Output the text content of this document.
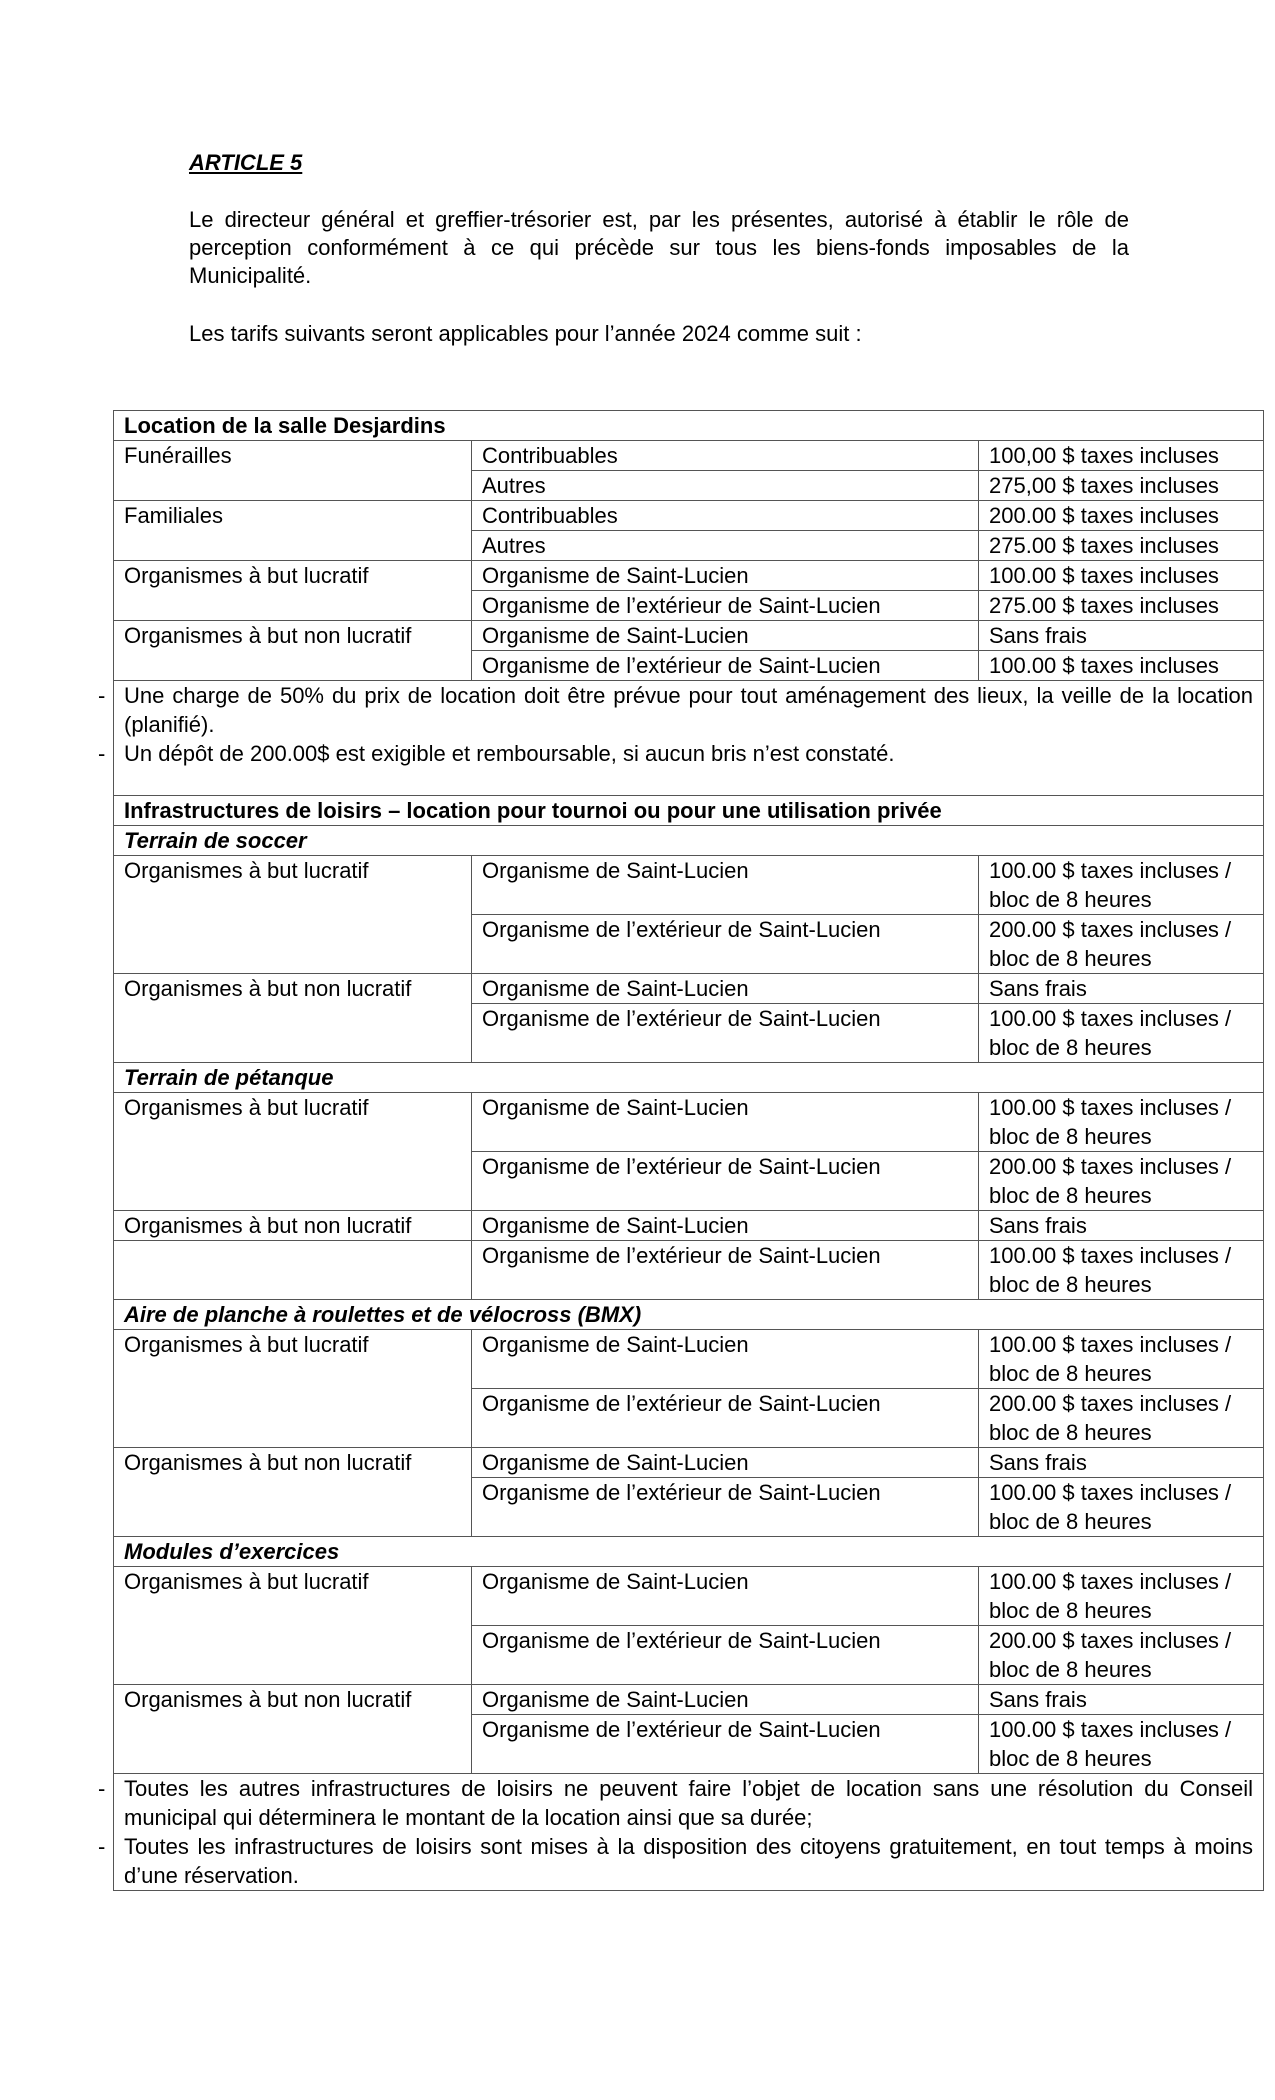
ARTICLE 5
Le directeur général et greffier-trésorier est, par les présentes, autorisé à établir le rôle de perception conformément à ce qui précède sur tous les biens-fonds imposables de la Municipalité.
Les tarifs suivants seront applicables pour l’année 2024 comme suit :
Location de la salle Desjardins		
Funérailles	Contribuables	100,00 $ taxes incluses
	Autres	275,00 $ taxes incluses
Familiales	Contribuables	200.00 $ taxes incluses
	Autres	275.00 $ taxes incluses
Organismes à but lucratif	Organisme de Saint-Lucien	100.00 $ taxes incluses
	Organisme de l’extérieur de Saint-Lucien	275.00 $ taxes incluses
Organismes à but non lucratif	Organisme de Saint-Lucien	Sans frais
	Organisme de l’extérieur de Saint-Lucien	100.00 $ taxes incluses

- Une charge de 50% du prix de location doit être prévue pour tout aménagement des lieux, la veille de la location (planifié).
- Un dépôt de 200.00$ est exigible et remboursable, si aucun bris n’est constaté.

Infrastructures de loisirs – location pour tournoi ou pour une utilisation privée		
Terrain de soccer		
Organismes à but lucratif	Organisme de Saint-Lucien	100.00 $ taxes incluses / bloc de 8 heures
	Organisme de l’extérieur de Saint-Lucien	200.00 $ taxes incluses / bloc de 8 heures
Organismes à but non lucratif	Organisme de Saint-Lucien	Sans frais
	Organisme de l’extérieur de Saint-Lucien	100.00 $ taxes incluses / bloc de 8 heures
Terrain de pétanque		
Organismes à but lucratif	Organisme de Saint-Lucien	100.00 $ taxes incluses / bloc de 8 heures
	Organisme de l’extérieur de Saint-Lucien	200.00 $ taxes incluses / bloc de 8 heures
Organismes à but non lucratif	Organisme de Saint-Lucien	Sans frais
	Organisme de l’extérieur de Saint-Lucien	100.00 $ taxes incluses / bloc de 8 heures
Aire de planche à roulettes et de vélocross (BMX)		
Organismes à but lucratif	Organisme de Saint-Lucien	100.00 $ taxes incluses / bloc de 8 heures
	Organisme de l’extérieur de Saint-Lucien	200.00 $ taxes incluses / bloc de 8 heures
Organismes à but non lucratif	Organisme de Saint-Lucien	Sans frais
	Organisme de l’extérieur de Saint-Lucien	100.00 $ taxes incluses / bloc de 8 heures
Modules d’exercices		
Organismes à but lucratif	Organisme de Saint-Lucien	100.00 $ taxes incluses / bloc de 8 heures
	Organisme de l’extérieur de Saint-Lucien	200.00 $ taxes incluses / bloc de 8 heures
Organismes à but non lucratif	Organisme de Saint-Lucien	Sans frais
	Organisme de l’extérieur de Saint-Lucien	100.00 $ taxes incluses / bloc de 8 heures

- Toutes les autres infrastructures de loisirs ne peuvent faire l’objet de location sans une résolution du Conseil municipal qui déterminera le montant de la location ainsi que sa durée;
- Toutes les infrastructures de loisirs sont mises à la disposition des citoyens gratuitement, en tout temps à moins d’une réservation.
